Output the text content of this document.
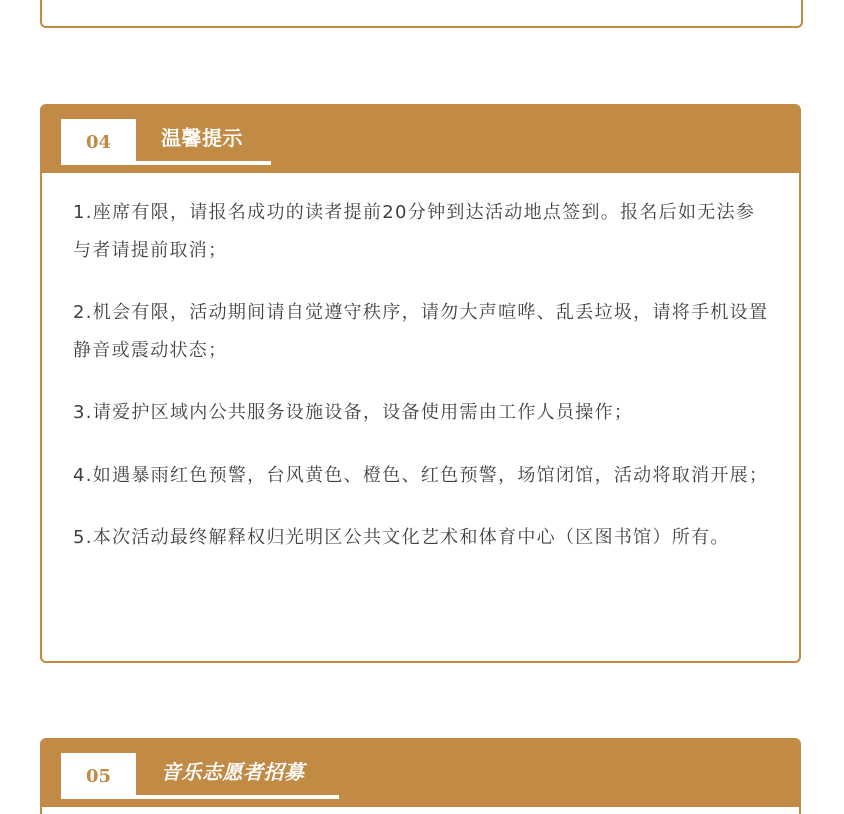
04	温馨提示

1.座席有限，请报名成功的读者提前20分钟到达活动地点签到。报名后如无法参与者请提前取消；

2.机会有限，活动期间请自觉遵守秩序，请勿大声喧哗、乱丢垃圾，请将手机设置静音或震动状态；

3.请爱护区域内公共服务设施设备，设备使用需由工作人员操作；

4.如遇暴雨红色预警，台风黄色、橙色、红色预警，场馆闭馆，活动将取消开展；

5.本次活动最终解释权归光明区公共文化艺术和体育中心（区图书馆）所有。

05	音乐志愿者招募
